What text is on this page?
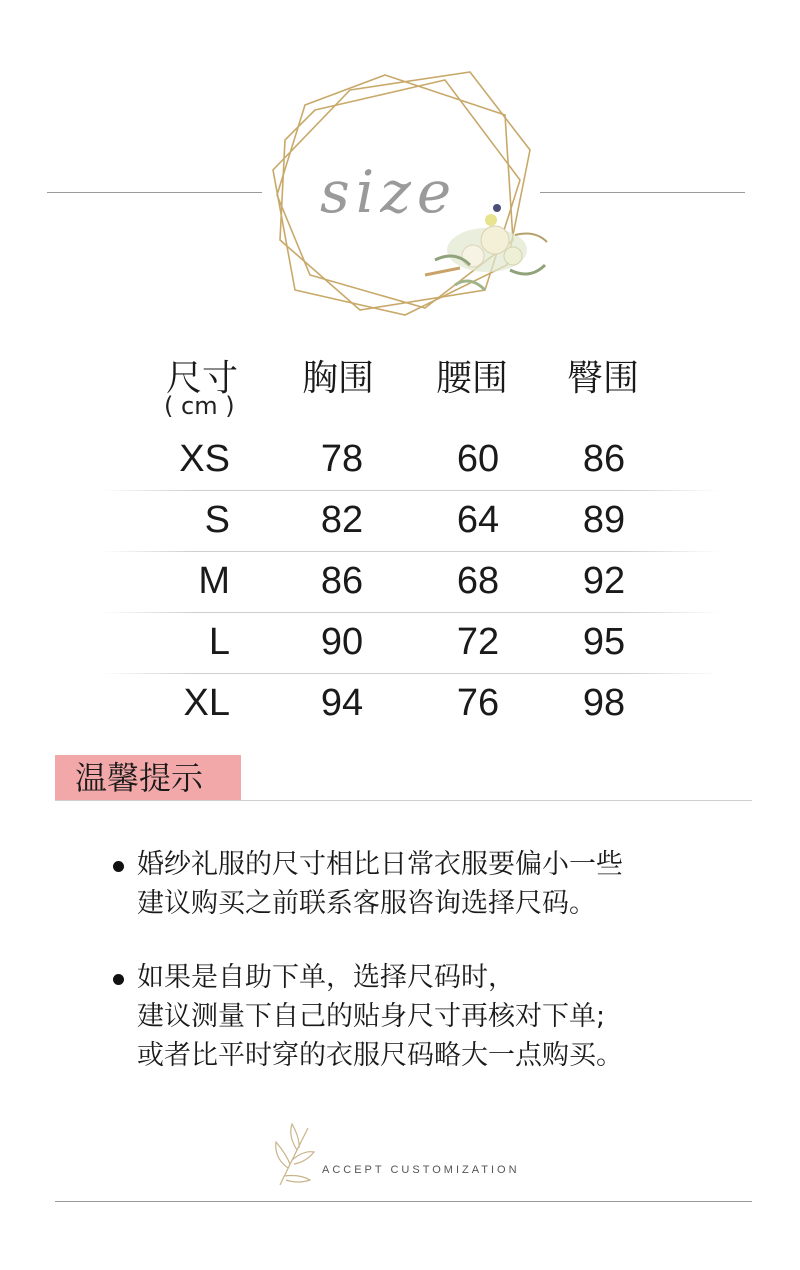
size
尺寸
( cm )
胸围 腰围 臀围
XS	78	60	86
S	82	64	89
M	86	68	92
L	90	72	95
XL	94	76	98
温馨提示
婚纱礼服的尺寸相比日常衣服要偏小一些
建议购买之前联系客服咨询选择尺码。
如果是自助下单，选择尺码时，
建议测量下自己的贴身尺寸再核对下单;
或者比平时穿的衣服尺码略大一点购买。
ACCEPT CUSTOMIZATION
